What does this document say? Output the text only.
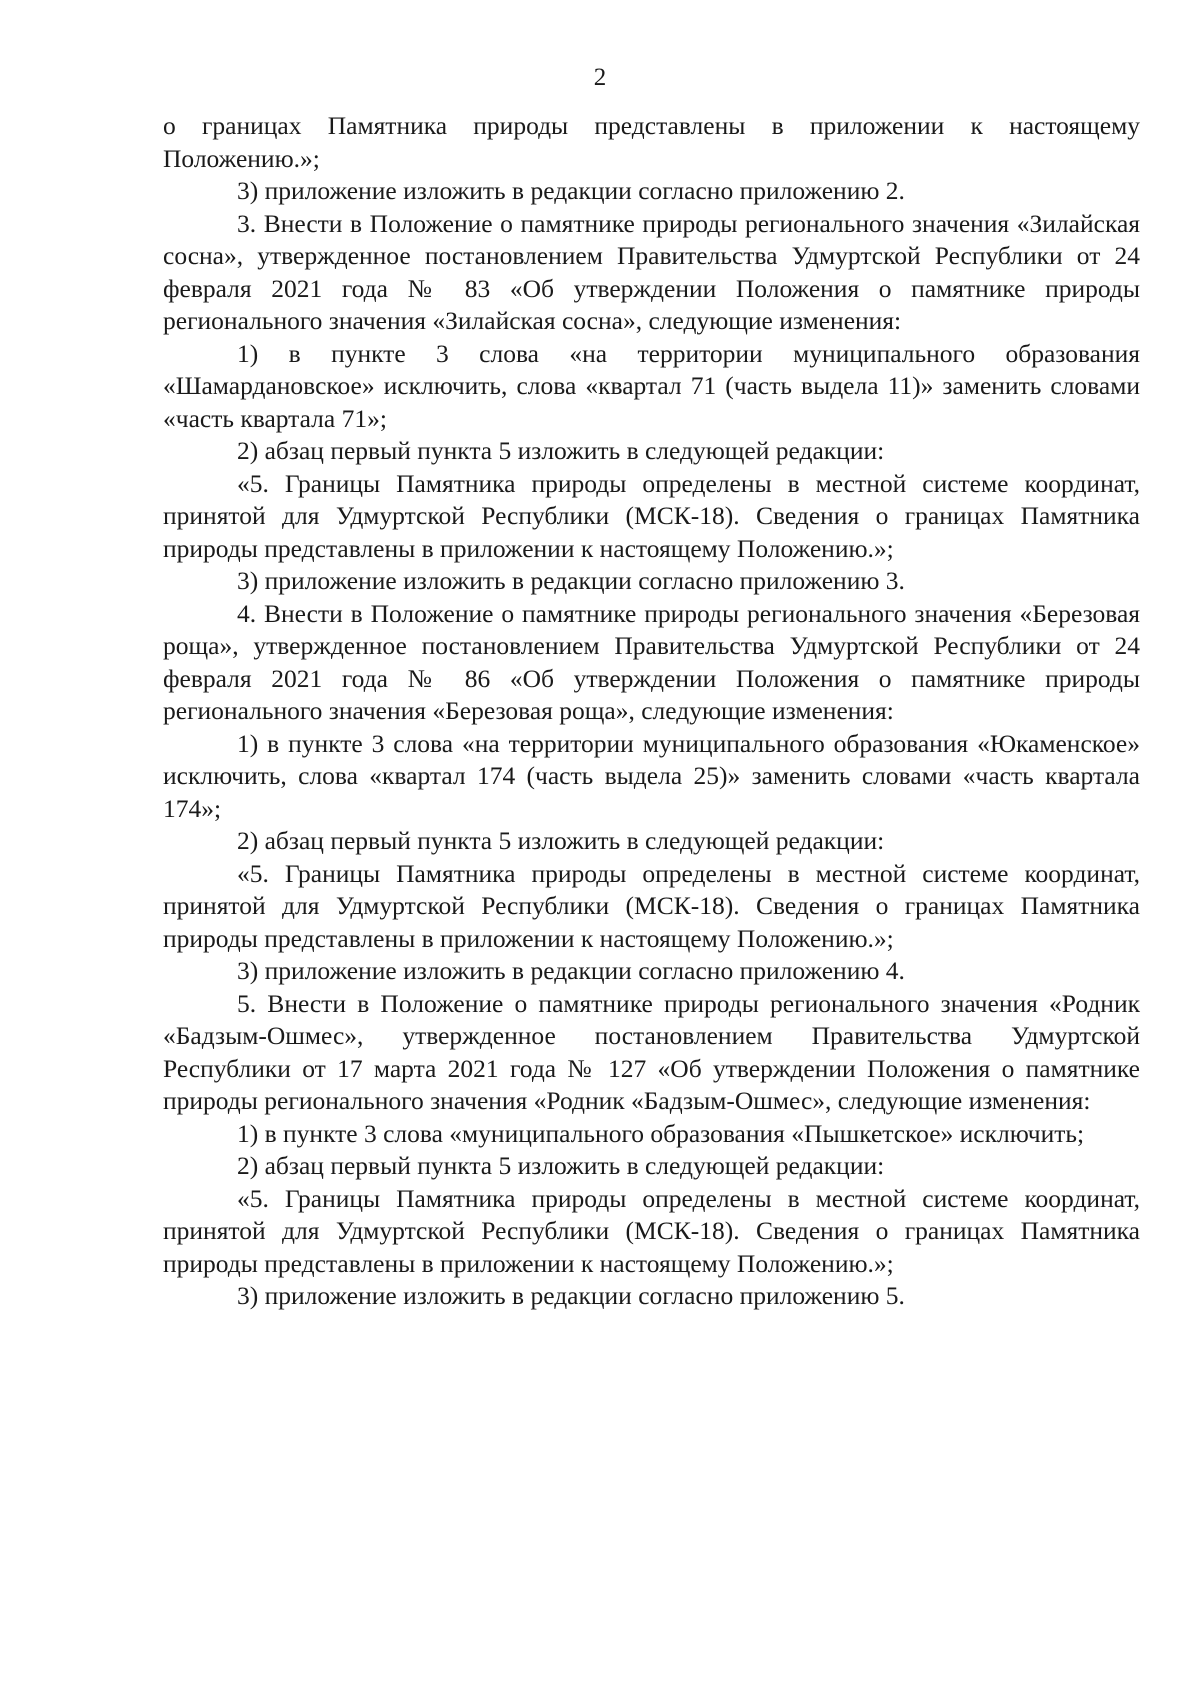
2

о границах Памятника природы представлены в приложении к настоящему Положению.»;

3) приложение изложить в редакции согласно приложению 2.

3. Внести в Положение о памятнике природы регионального значения «Зилайская сосна», утвержденное постановлением Правительства Удмуртской Республики от 24 февраля 2021 года № 83 «Об утверждении Положения о памятнике природы регионального значения «Зилайская сосна», следующие изменения:

1) в пункте 3 слова «на территории муниципального образования «Шамардановское» исключить, слова «квартал 71 (часть выдела 11)» заменить словами «часть квартала 71»;

2) абзац первый пункта 5 изложить в следующей редакции:

«5. Границы Памятника природы определены в местной системе координат, принятой для Удмуртской Республики (МСК-18). Сведения о границах Памятника природы представлены в приложении к настоящему Положению.»;

3) приложение изложить в редакции согласно приложению 3.

4. Внести в Положение о памятнике природы регионального значения «Березовая роща», утвержденное постановлением Правительства Удмуртской Республики от 24 февраля 2021 года № 86 «Об утверждении Положения о памятнике природы регионального значения «Березовая роща», следующие изменения:

1) в пункте 3 слова «на территории муниципального образования «Юкаменское» исключить, слова «квартал 174 (часть выдела 25)» заменить словами «часть квартала 174»;

2) абзац первый пункта 5 изложить в следующей редакции:

«5. Границы Памятника природы определены в местной системе координат, принятой для Удмуртской Республики (МСК-18). Сведения о границах Памятника природы представлены в приложении к настоящему Положению.»;

3) приложение изложить в редакции согласно приложению 4.

5. Внести в Положение о памятнике природы регионального значения «Родник «Бадзым-Ошмес», утвержденное постановлением Правительства Удмуртской Республики от 17 марта 2021 года № 127 «Об утверждении Положения о памятнике природы регионального значения «Родник «Бадзым-Ошмес», следующие изменения:

1) в пункте 3 слова «муниципального образования «Пышкетское» исключить;

2) абзац первый пункта 5 изложить в следующей редакции:

«5. Границы Памятника природы определены в местной системе координат, принятой для Удмуртской Республики (МСК-18). Сведения о границах Памятника природы представлены в приложении к настоящему Положению.»;

3) приложение изложить в редакции согласно приложению 5.
